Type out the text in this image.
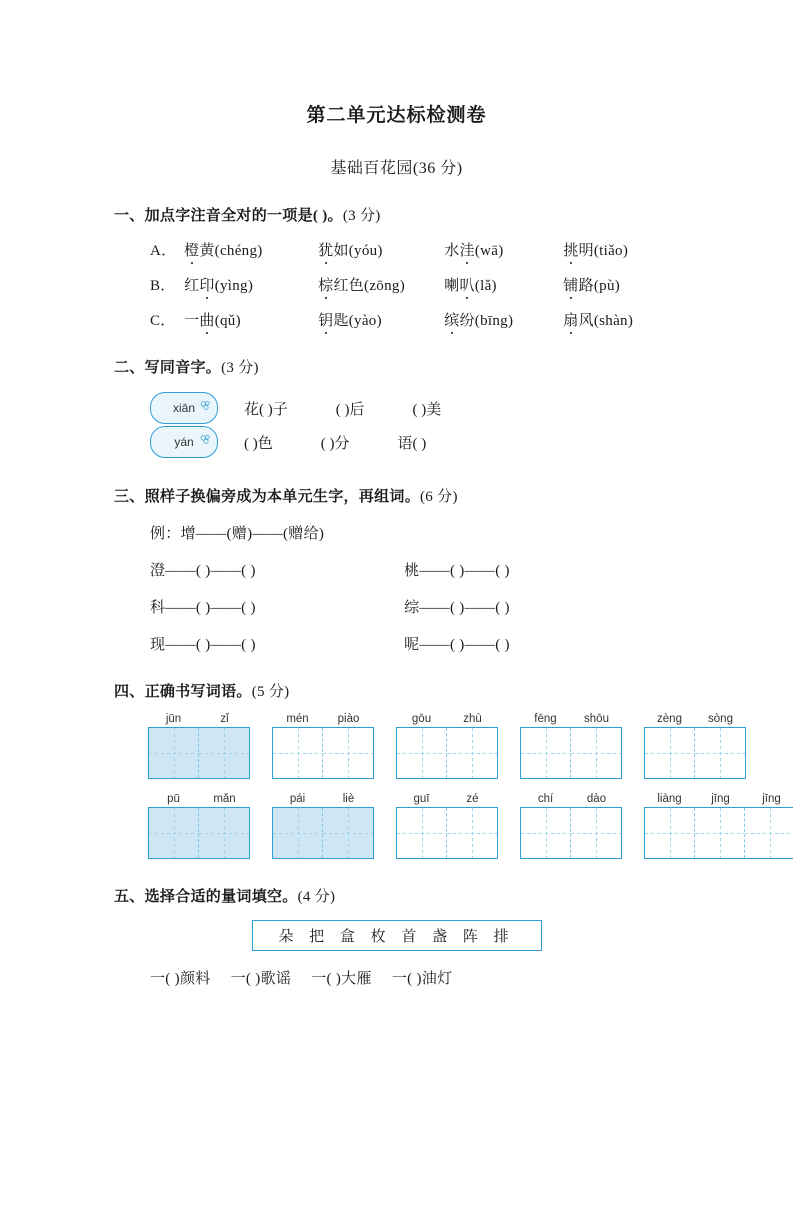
第二单元达标检测卷
基础百花园(36 分)
一、加点字注音全对的一项是( )。(3 分)
A． 橙黄(chéng)	犹如(yóu)	水洼(wā)	挑明(tiǎo)
B． 红印(yìng)	棕红色(zōng)	喇叭(lǎ)	铺路(pù)
C． 一曲(qǔ)	钥匙(yào)	缤纷(bīng)	扇风(shàn)
二、写同音字。(3 分)
xiān	花( )子	( )后	( )美
yán	( )色	( )分	语( )
三、照样子换偏旁成为本单元生字，再组词。(6 分)
例：增——(赠)——(赠给)
澄——( )——( )	桃——( )——( )
科——( )——( )	综——( )——( )
现——( )——( )	呢——( )——( )
四、正确书写词语。(5 分)
jūn	zǐ	mén	piào	gōu	zhù	fēng	shōu	zèng	sòng
pū	mǎn	pái	liè	guī	zé	chí	dào	liàng	jīng	jīng
五、选择合适的量词填空。(4 分)
朵 把 盒 枚 首 盏 阵 排
一( )颜料 一( )歌谣 一( )大雁 一( )油灯
